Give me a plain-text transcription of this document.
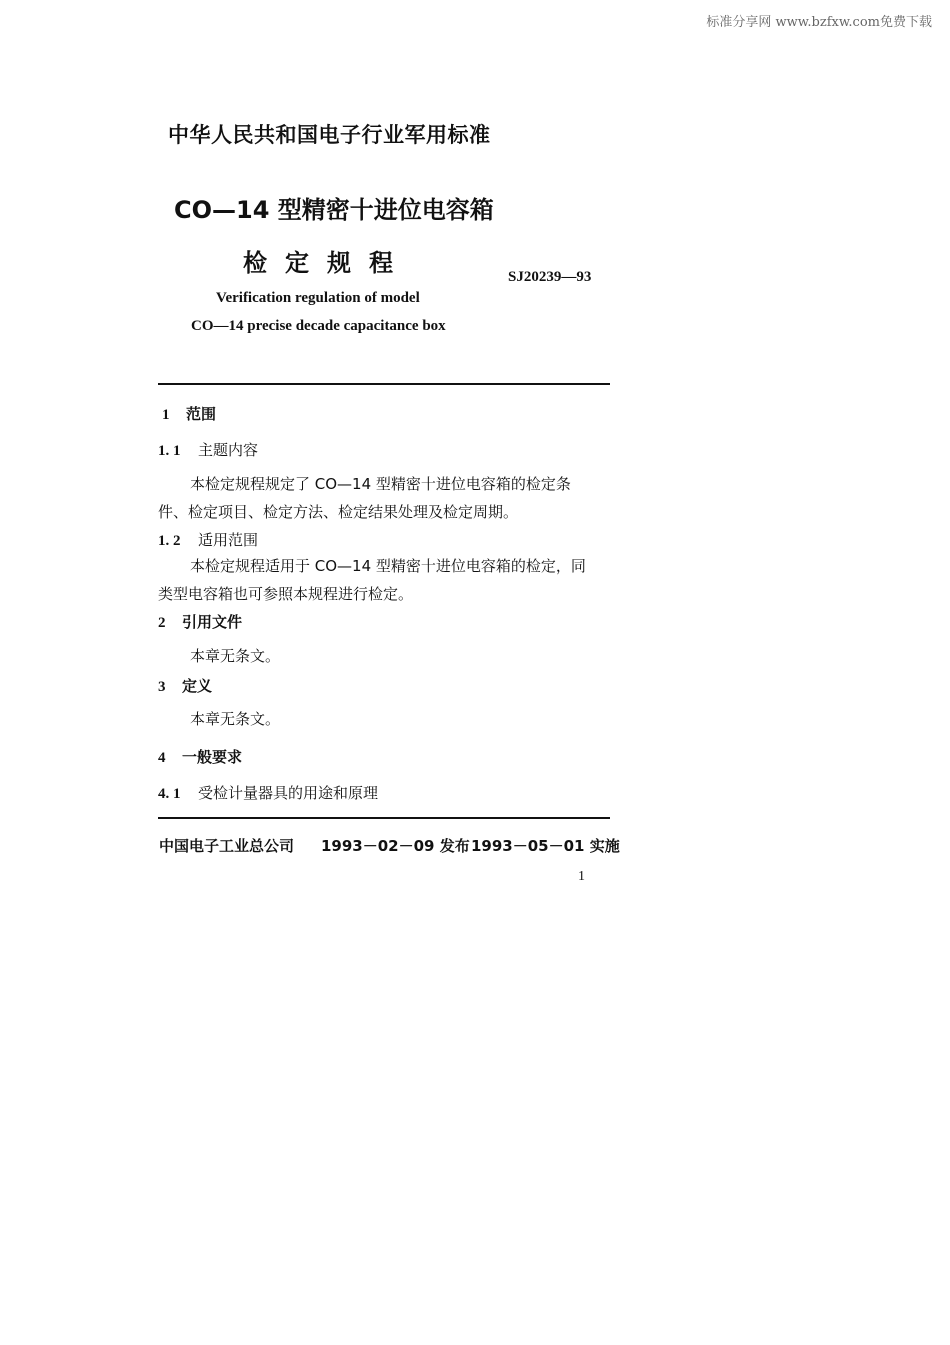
标准分享网 www.bzfxw.com免费下载
中华人民共和国电子行业军用标准
CO—14 型精密十进位电容箱
检定规程	SJ20239—93
Verification regulation of model
CO—14 precise decade capacitance box
1 范围
1. 1 主题内容
本检定规程规定了 CO—14 型精密十进位电容箱的检定条
件、检定项目、检定方法、检定结果处理及检定周期。
1. 2 适用范围
本检定规程适用于 CO—14 型精密十进位电容箱的检定，同
类型电容箱也可参照本规程进行检定。
2 引用文件
本章无条文。
3 定义
本章无条文。
4 一般要求
4. 1 受检计量器具的用途和原理
中国电子工业总公司 1993－02－09 发布1993－05－01 实施
1
